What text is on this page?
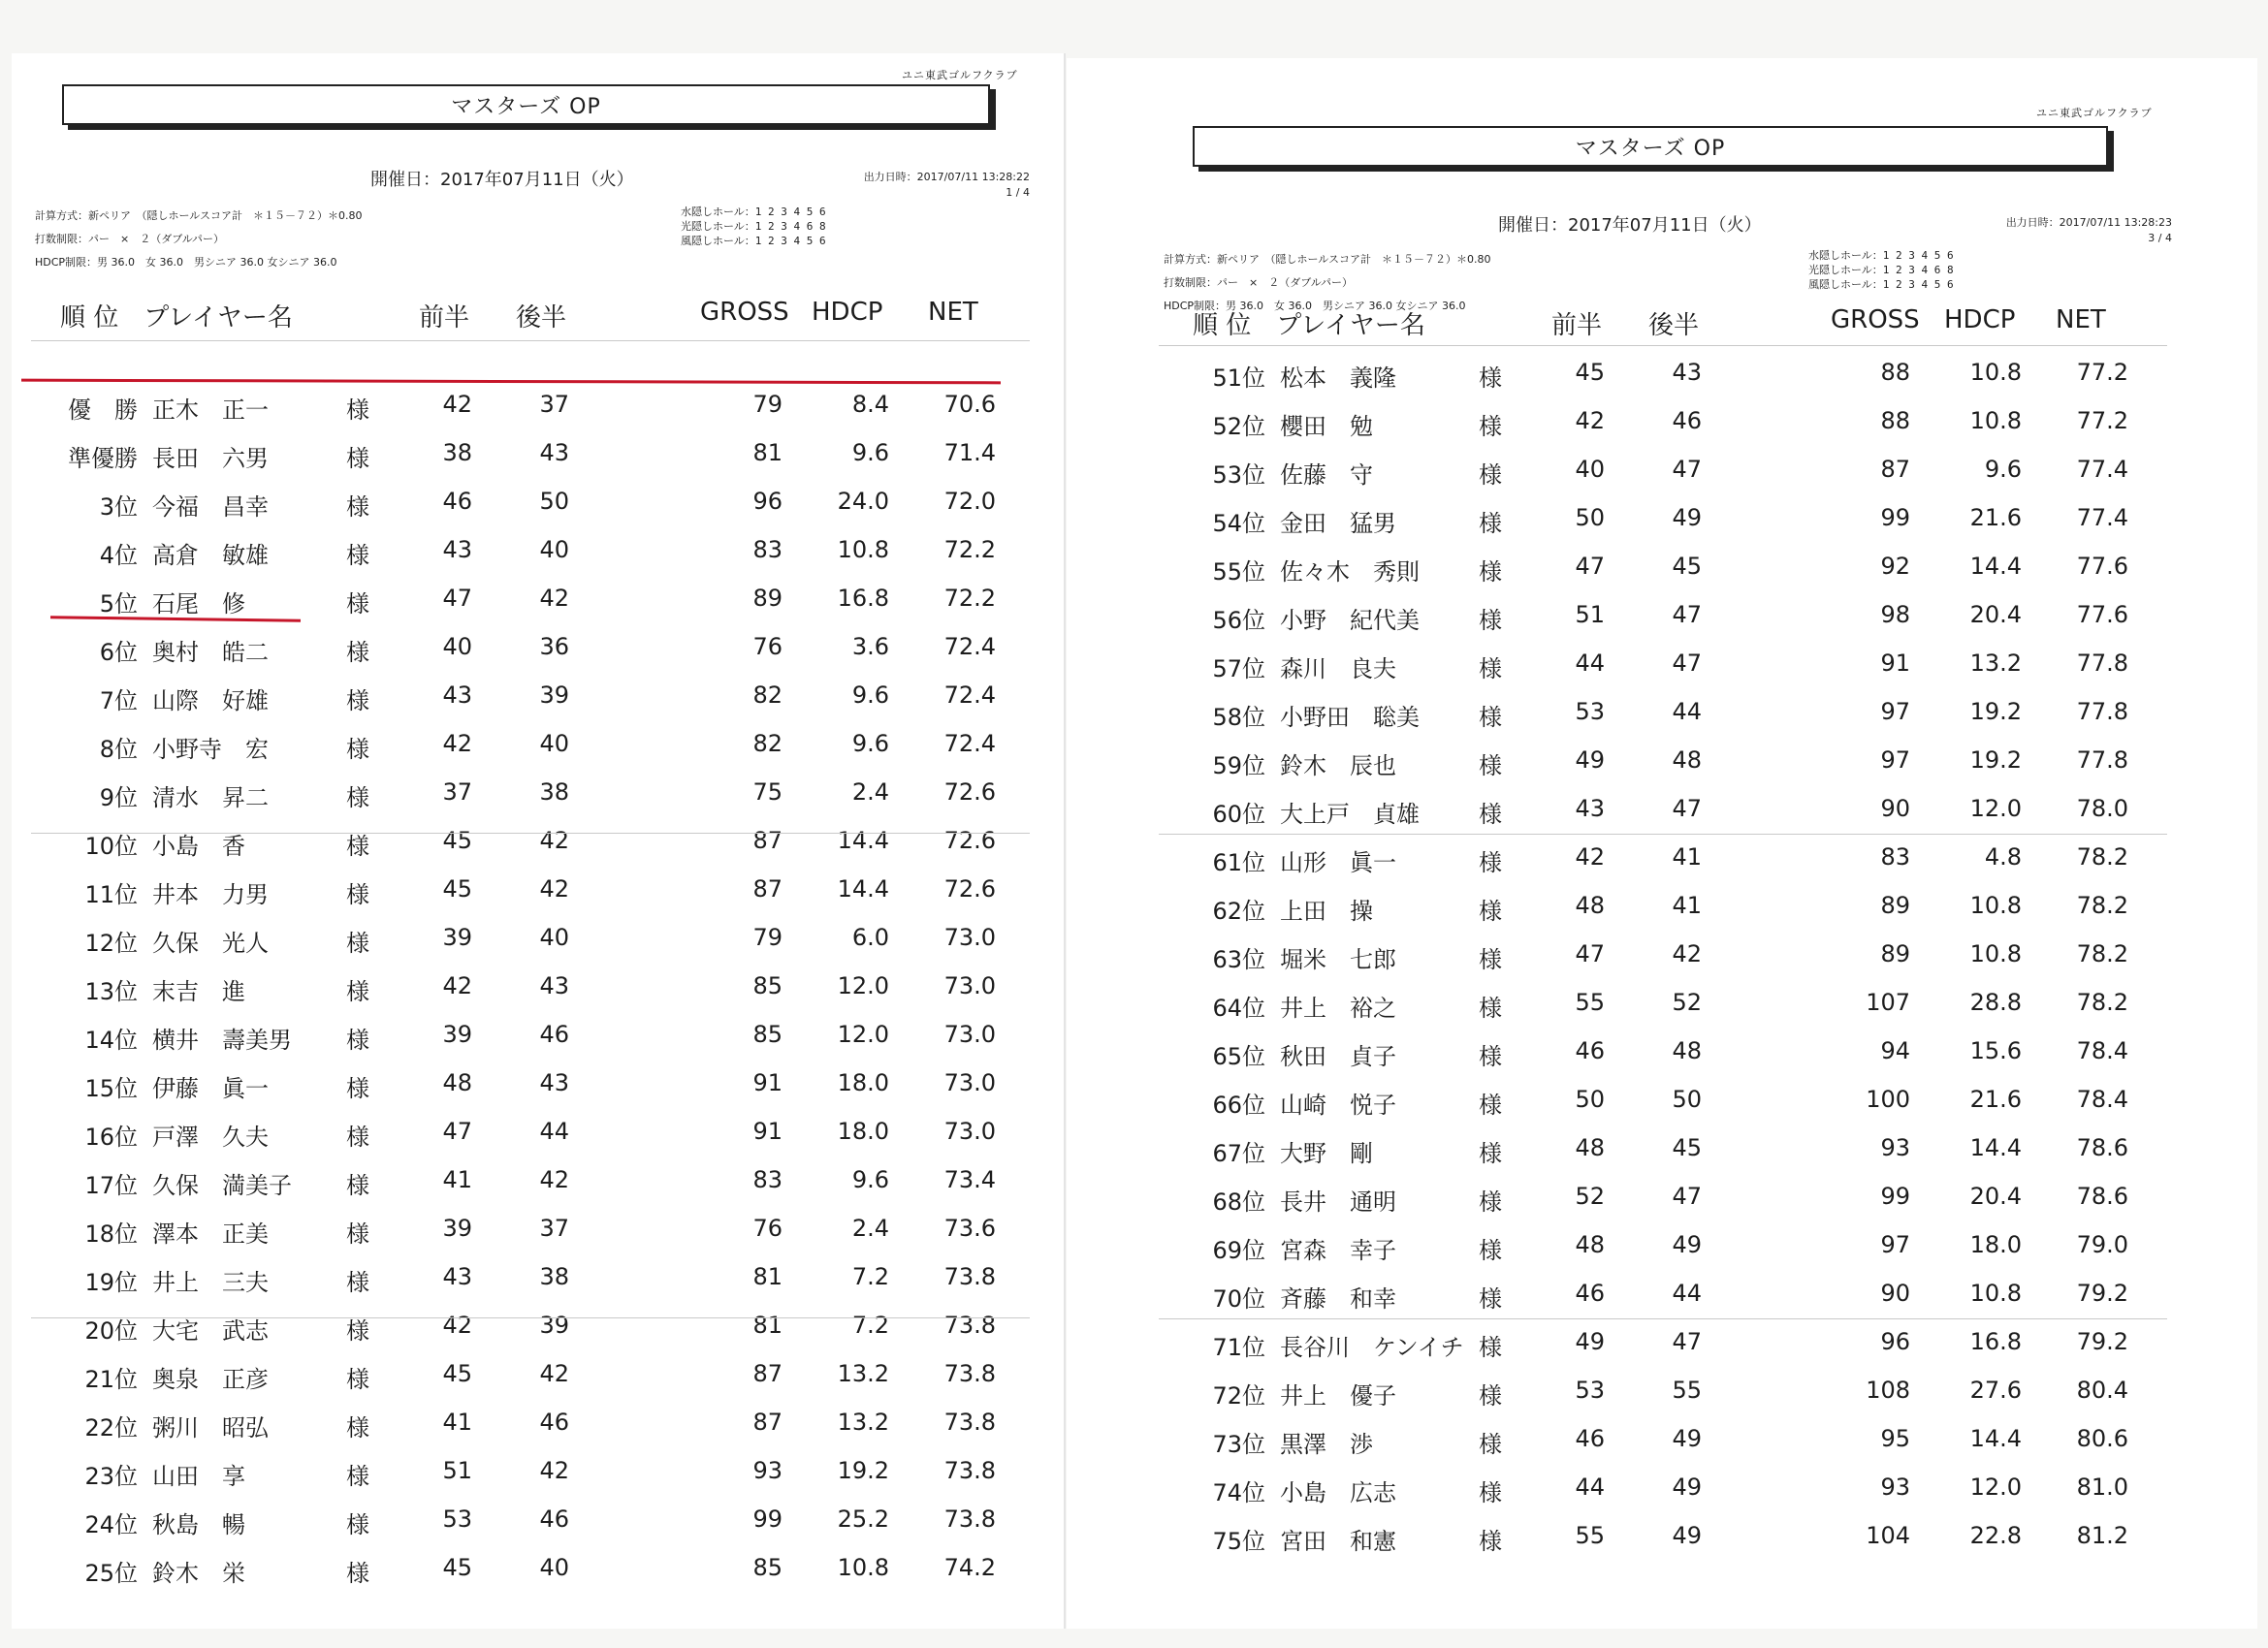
ユニ東武ゴルフクラブ
マスターズ OP
開催日：2017年07月11日（火）	出力日時：2017/07/11 13:28:22
1 / 4
計算方式：新ペリア　（隠しホールスコア計　＊１５－７２）＊0.80
打数制限：パー　×　２（ダブルパー）
HDCP制限：男 36.0　女 36.0　男シニア 36.0 女シニア 36.0
水隠しホール：1 2 3 4 5 6
光隠しホール：1 2 3 4 6 8
風隠しホール：1 2 3 4 5 6
順 位　プレイヤー名	前半 後半	GROSS HDCP NET
優　勝 正木　正一	様	42	37	79	8.4	70.6
準優勝 長田　六男	様	38	43	81	9.6	71.4
3位 今福　昌幸	様	46	50	96	24.0	72.0
4位 高倉　敏雄	様	43	40	83	10.8	72.2
5位 石尾　修	様	47	42	89	16.8	72.2
6位 奥村　皓二	様	40	36	76	3.6	72.4
7位 山際　好雄	様	43	39	82	9.6	72.4
8位 小野寺　宏	様	42	40	82	9.6	72.4
9位 清水　昇二	様	37	38	75	2.4	72.6
10位 小島　香	様	45	42	87	14.4	72.6
11位 井本　力男	様	45	42	87	14.4	72.6
12位 久保　光人	様	39	40	79	6.0	73.0
13位 末吉　進	様	42	43	85	12.0	73.0
14位 横井　壽美男 様	39	46	85	12.0	73.0
15位 伊藤　眞一	様	48	43	91	18.0	73.0
16位 戸澤　久夫	様	47	44	91	18.0	73.0
17位 久保　満美子 様	41	42	83	9.6	73.4
18位 澤本　正美	様	39	37	76	2.4	73.6
19位 井上　三夫	様	43	38	81	7.2	73.8
20位 大宅　武志	様	42	39	81	7.2	73.8
21位 奥泉　正彦	様	45	42	87	13.2	73.8
22位 粥川　昭弘	様	41	46	87	13.2	73.8
23位 山田　享	様	51	42	93	19.2	73.8
24位 秋島　暢	様	53	46	99	25.2	73.8
25位 鈴木　栄	様	45	40	85	10.8	74.2
ユニ東武ゴルフクラブ
マスターズ OP
開催日：2017年07月11日（火）	出力日時：2017/07/11 13:28:23
3 / 4
計算方式：新ペリア　（隠しホールスコア計　＊１５－７２）＊0.80
打数制限：パー　×　２（ダブルパー）
HDCP制限：男 36.0　女 36.0　男シニア 36.0 女シニア 36.0
水隠しホール：1 2 3 4 5 6
光隠しホール：1 2 3 4 6 8
風隠しホール：1 2 3 4 5 6
順 位　プレイヤー名	前半 後半	GROSS HDCP NET
51位 松本　義隆	様	45	43	88	10.8	77.2
52位 櫻田　勉	様	42	46	88	10.8	77.2
53位 佐藤　守	様	40	47	87	9.6	77.4
54位 金田　猛男	様	50	49	99	21.6	77.4
55位 佐々木　秀則	様	47	45	92	14.4	77.6
56位 小野　紀代美	様	51	47	98	20.4	77.6
57位 森川　良夫	様	44	47	91	13.2	77.8
58位 小野田　聡美	様	53	44	97	19.2	77.8
59位 鈴木　辰也	様	49	48	97	19.2	77.8
60位 大上戸　貞雄	様	43	47	90	12.0	78.0
61位 山形　眞一	様	42	41	83	4.8	78.2
62位 上田　操	様	48	41	89	10.8	78.2
63位 堀米　七郎	様	47	42	89	10.8	78.2
64位 井上　裕之	様	55	52	107	28.8	78.2
65位 秋田　貞子	様	46	48	94	15.6	78.4
66位 山崎　悦子	様	50	50	100	21.6	78.4
67位 大野　剛	様	48	45	93	14.4	78.6
68位 長井　通明	様	52	47	99	20.4	78.6
69位 宮森　幸子	様	48	49	97	18.0	79.0
70位 斉藤　和幸	様	46	44	90	10.8	79.2
71位 長谷川　ケンイチ 様	49	47	96	16.8	79.2
72位 井上　優子	様	53	55	108	27.6	80.4
73位 黒澤　渉	様	46	49	95	14.4	80.6
74位 小島　広志	様	44	49	93	12.0	81.0
75位 宮田　和憲	様	55	49	104	22.8	81.2
